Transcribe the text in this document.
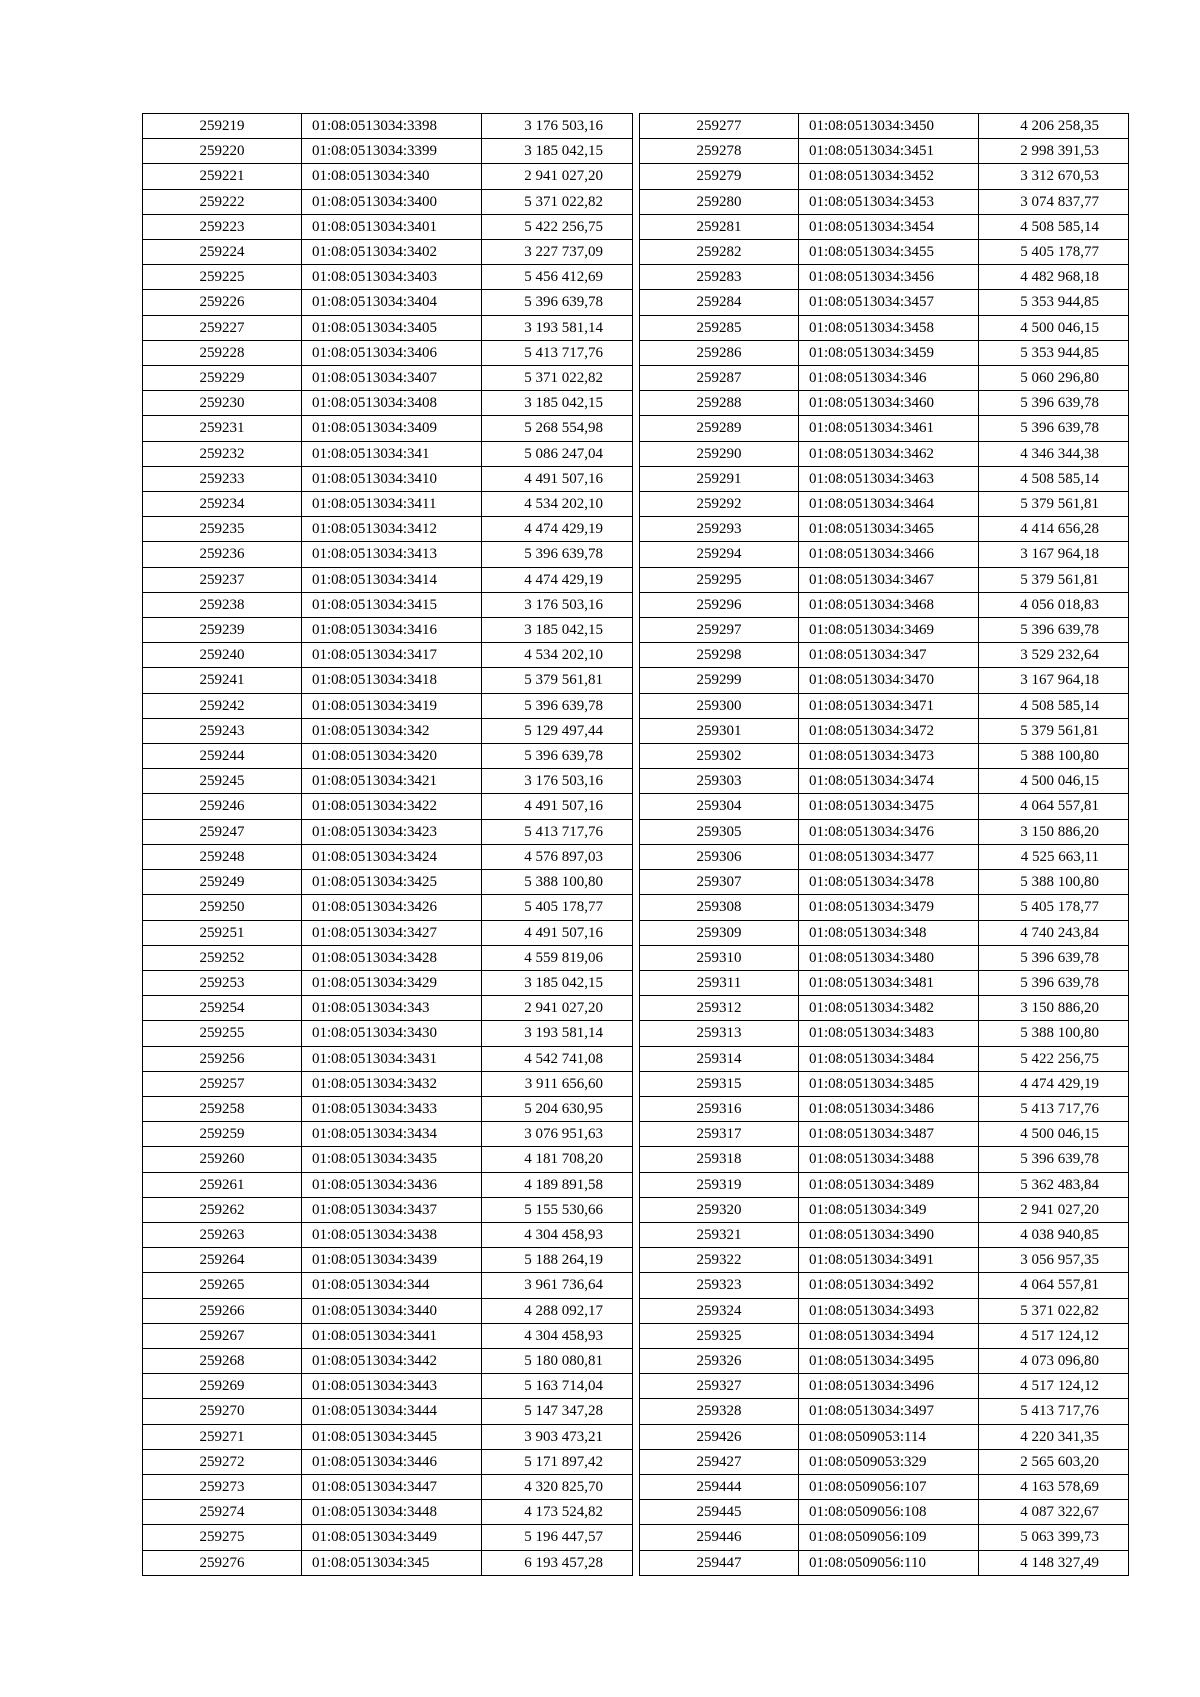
259219	01:08:0513034:3398	3 176 503,16
259220	01:08:0513034:3399	3 185 042,15
259221	01:08:0513034:340	2 941 027,20
259222	01:08:0513034:3400	5 371 022,82
259223	01:08:0513034:3401	5 422 256,75
259224	01:08:0513034:3402	3 227 737,09
259225	01:08:0513034:3403	5 456 412,69
259226	01:08:0513034:3404	5 396 639,78
259227	01:08:0513034:3405	3 193 581,14
259228	01:08:0513034:3406	5 413 717,76
259229	01:08:0513034:3407	5 371 022,82
259230	01:08:0513034:3408	3 185 042,15
259231	01:08:0513034:3409	5 268 554,98
259232	01:08:0513034:341	5 086 247,04
259233	01:08:0513034:3410	4 491 507,16
259234	01:08:0513034:3411	4 534 202,10
259235	01:08:0513034:3412	4 474 429,19
259236	01:08:0513034:3413	5 396 639,78
259237	01:08:0513034:3414	4 474 429,19
259238	01:08:0513034:3415	3 176 503,16
259239	01:08:0513034:3416	3 185 042,15
259240	01:08:0513034:3417	4 534 202,10
259241	01:08:0513034:3418	5 379 561,81
259242	01:08:0513034:3419	5 396 639,78
259243	01:08:0513034:342	5 129 497,44
259244	01:08:0513034:3420	5 396 639,78
259245	01:08:0513034:3421	3 176 503,16
259246	01:08:0513034:3422	4 491 507,16
259247	01:08:0513034:3423	5 413 717,76
259248	01:08:0513034:3424	4 576 897,03
259249	01:08:0513034:3425	5 388 100,80
259250	01:08:0513034:3426	5 405 178,77
259251	01:08:0513034:3427	4 491 507,16
259252	01:08:0513034:3428	4 559 819,06
259253	01:08:0513034:3429	3 185 042,15
259254	01:08:0513034:343	2 941 027,20
259255	01:08:0513034:3430	3 193 581,14
259256	01:08:0513034:3431	4 542 741,08
259257	01:08:0513034:3432	3 911 656,60
259258	01:08:0513034:3433	5 204 630,95
259259	01:08:0513034:3434	3 076 951,63
259260	01:08:0513034:3435	4 181 708,20
259261	01:08:0513034:3436	4 189 891,58
259262	01:08:0513034:3437	5 155 530,66
259263	01:08:0513034:3438	4 304 458,93
259264	01:08:0513034:3439	5 188 264,19
259265	01:08:0513034:344	3 961 736,64
259266	01:08:0513034:3440	4 288 092,17
259267	01:08:0513034:3441	4 304 458,93
259268	01:08:0513034:3442	5 180 080,81
259269	01:08:0513034:3443	5 163 714,04
259270	01:08:0513034:3444	5 147 347,28
259271	01:08:0513034:3445	3 903 473,21
259272	01:08:0513034:3446	5 171 897,42
259273	01:08:0513034:3447	4 320 825,70
259274	01:08:0513034:3448	4 173 524,82
259275	01:08:0513034:3449	5 196 447,57
259276	01:08:0513034:345	6 193 457,28
259277	01:08:0513034:3450	4 206 258,35
259278	01:08:0513034:3451	2 998 391,53
259279	01:08:0513034:3452	3 312 670,53
259280	01:08:0513034:3453	3 074 837,77
259281	01:08:0513034:3454	4 508 585,14
259282	01:08:0513034:3455	5 405 178,77
259283	01:08:0513034:3456	4 482 968,18
259284	01:08:0513034:3457	5 353 944,85
259285	01:08:0513034:3458	4 500 046,15
259286	01:08:0513034:3459	5 353 944,85
259287	01:08:0513034:346	5 060 296,80
259288	01:08:0513034:3460	5 396 639,78
259289	01:08:0513034:3461	5 396 639,78
259290	01:08:0513034:3462	4 346 344,38
259291	01:08:0513034:3463	4 508 585,14
259292	01:08:0513034:3464	5 379 561,81
259293	01:08:0513034:3465	4 414 656,28
259294	01:08:0513034:3466	3 167 964,18
259295	01:08:0513034:3467	5 379 561,81
259296	01:08:0513034:3468	4 056 018,83
259297	01:08:0513034:3469	5 396 639,78
259298	01:08:0513034:347	3 529 232,64
259299	01:08:0513034:3470	3 167 964,18
259300	01:08:0513034:3471	4 508 585,14
259301	01:08:0513034:3472	5 379 561,81
259302	01:08:0513034:3473	5 388 100,80
259303	01:08:0513034:3474	4 500 046,15
259304	01:08:0513034:3475	4 064 557,81
259305	01:08:0513034:3476	3 150 886,20
259306	01:08:0513034:3477	4 525 663,11
259307	01:08:0513034:3478	5 388 100,80
259308	01:08:0513034:3479	5 405 178,77
259309	01:08:0513034:348	4 740 243,84
259310	01:08:0513034:3480	5 396 639,78
259311	01:08:0513034:3481	5 396 639,78
259312	01:08:0513034:3482	3 150 886,20
259313	01:08:0513034:3483	5 388 100,80
259314	01:08:0513034:3484	5 422 256,75
259315	01:08:0513034:3485	4 474 429,19
259316	01:08:0513034:3486	5 413 717,76
259317	01:08:0513034:3487	4 500 046,15
259318	01:08:0513034:3488	5 396 639,78
259319	01:08:0513034:3489	5 362 483,84
259320	01:08:0513034:349	2 941 027,20
259321	01:08:0513034:3490	4 038 940,85
259322	01:08:0513034:3491	3 056 957,35
259323	01:08:0513034:3492	4 064 557,81
259324	01:08:0513034:3493	5 371 022,82
259325	01:08:0513034:3494	4 517 124,12
259326	01:08:0513034:3495	4 073 096,80
259327	01:08:0513034:3496	4 517 124,12
259328	01:08:0513034:3497	5 413 717,76
259426	01:08:0509053:114	4 220 341,35
259427	01:08:0509053:329	2 565 603,20
259444	01:08:0509056:107	4 163 578,69
259445	01:08:0509056:108	4 087 322,67
259446	01:08:0509056:109	5 063 399,73
259447	01:08:0509056:110	4 148 327,49
